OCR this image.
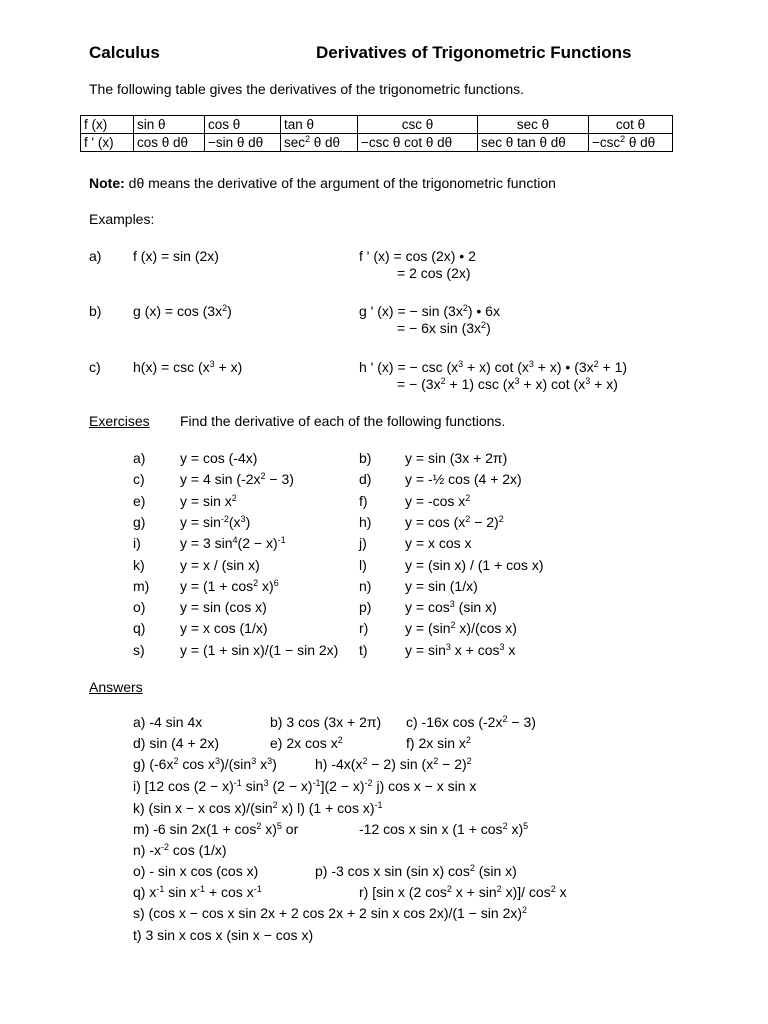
Calculus	Derivatives of Trigonometric Functions
The following table gives the derivatives of the trigonometric functions.
f (x)	sin θ	cos θ	tan θ	csc θ	sec θ	cot θ
f ' (x)	cos θ dθ	−sin θ dθ	$\sec^2 \theta$ dθ	−csc θ cot θ dθ	sec θ tan θ dθ	$-\csc^2$ θ dθ
Note: dθ means the derivative of the argument of the trigonometric function
Examples:
a) f (x) = sin (2x)	f ' (x) = cos (2x) • 2
= 2 cos (2x)
b) g $(x) = \cos (3x^2)$	g ' (x) = − $\sin (3x^2)$ • 6x
= − 6x $\sin (3x^2)$
c) $h(x) = \csc (x^3 + x)$	h ' (x) = − $\csc (x^3 + x)$ $\cot (x^3 + x)$ • $(3x^2 + 1)$
= − $(3x^2 + 1)$ $\csc (x^3 + x)$ $\cot (x^3 + x)$
Exercises Find the derivative of each of the following functions.
a) y = cos (-4x)	b) y = sin (3x + 2π)
c)	y = 4 $\sin (-2x^2 - 3)$	d) y = -½ cos (4 + 2x)
e) $y = \sin x^2$	f)	y = -cos $x^2$
g) $y = \sin^{-2}(x^3)$	h) $y = \cos (x^2 - 2)^2$
i)	y = 3 $\sin^4(2 - x)^{-1}$	j)	y = x cos x
k)	y = x / (sin x)	l)	y = (sin x) / (1 + cos x)
m) $y = (1 + \cos^2 x)^6$	n) y = sin (1/x)
o) y = sin (cos x)	p) $y = \cos^3 (\sin$ x)
q) y = x cos (1/x)	r)	$y = (\sin^2$ x)/(cos x)
s)	y = (1 + sin x)/(1 − sin 2x) t)	$y = \sin^3 x + \cos^3 x$
Answers
a) -4 sin 4x	b) 3 cos (3x + 2π) c) -16x $\cos (-2x^2 - 3)$
d) sin (4 + 2x)	e) 2x $\cos x^2$	f) 2x $\sin x^2$
g) ($-6x^2$ $\cos x^3)/(\sin^3$ $x^3$)	h) $-4x(x^2 - 2)$ $\sin (x^2 - 2)^2$
i) [12 $\cos (2 - x)^{-1}$ $\sin^3 (2 - x)^{-1}](2 - x)^{-2}$ j) cos x − x sin x
k) (sin x − x $\cos x)/(\sin^2$ x) l) $(1 + \cos x)^{-1}$
m) -6 $\sin 2x(1 + \cos^2 x)^5$ or	-12 cos x sin x $(1 + \cos^2 x)^5$
n) $-x^{-2}$ cos (1/x)
o) - sin x cos (cos x)	p) -3 cos x sin (sin x) $\cos^2 (\sin$ x)
q) $x^{-1}$ $\sin x^{-1} + \cos x^{-1}$	r) [sin x (2 $\cos^2 x + \sin^2 x)]/$ $\cos^2 x$
s) (cos x − cos x sin 2x + 2 cos 2x + 2 sin x $\cos 2x)/(1 - \sin 2x)^2$
t) 3 sin x cos x (sin x − cos x)
